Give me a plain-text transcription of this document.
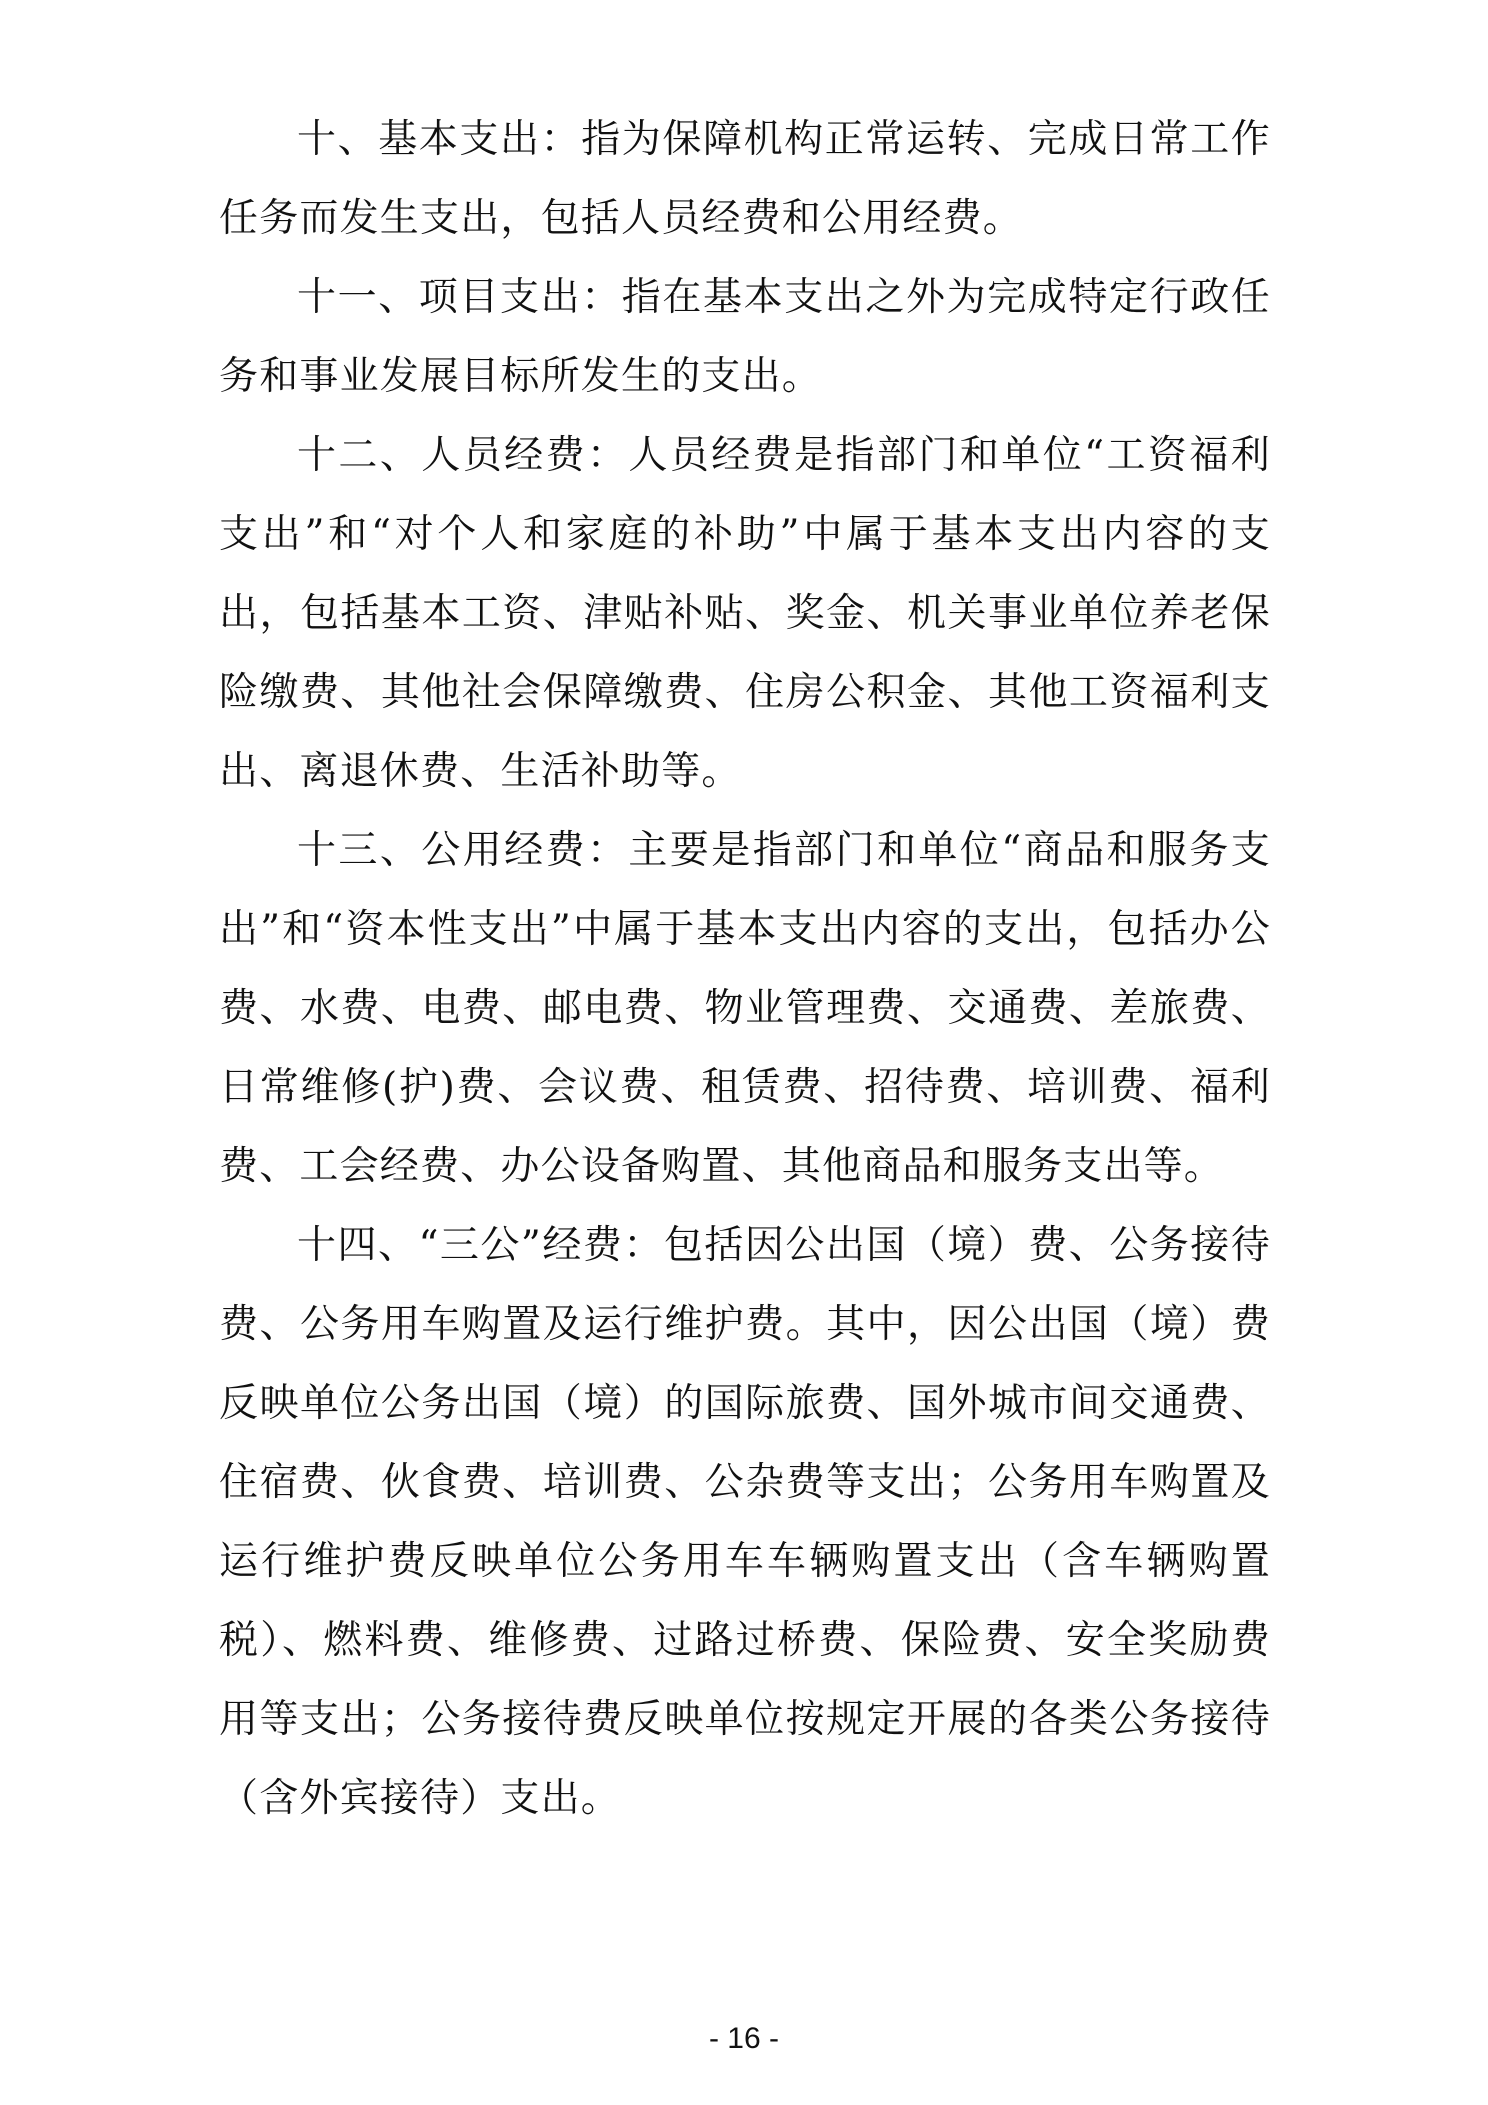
十、基本支出：指为保障机构正常运转、完成日常工作任务而发生支出，包括人员经费和公用经费。

十一、项目支出：指在基本支出之外为完成特定行政任务和事业发展目标所发生的支出。

十二、人员经费：人员经费是指部门和单位“工资福利支出”和“对个人和家庭的补助”中属于基本支出内容的支出，包括基本工资、津贴补贴、奖金、机关事业单位养老保险缴费、其他社会保障缴费、住房公积金、其他工资福利支出、离退休费、生活补助等。

十三、公用经费：主要是指部门和单位“商品和服务支出”和“资本性支出”中属于基本支出内容的支出，包括办公费、水费、电费、邮电费、物业管理费、交通费、差旅费、日常维修(护)费、会议费、租赁费、招待费、培训费、福利费、工会经费、办公设备购置、其他商品和服务支出等。

十四、“三公”经费：包括因公出国（境）费、公务接待费、公务用车购置及运行维护费。其中，因公出国（境）费反映单位公务出国（境）的国际旅费、国外城市间交通费、住宿费、伙食费、培训费、公杂费等支出；公务用车购置及运行维护费反映单位公务用车车辆购置支出（含车辆购置税）、燃料费、维修费、过路过桥费、保险费、安全奖励费用等支出；公务接待费反映单位按规定开展的各类公务接待（含外宾接待）支出。

- 16 -
